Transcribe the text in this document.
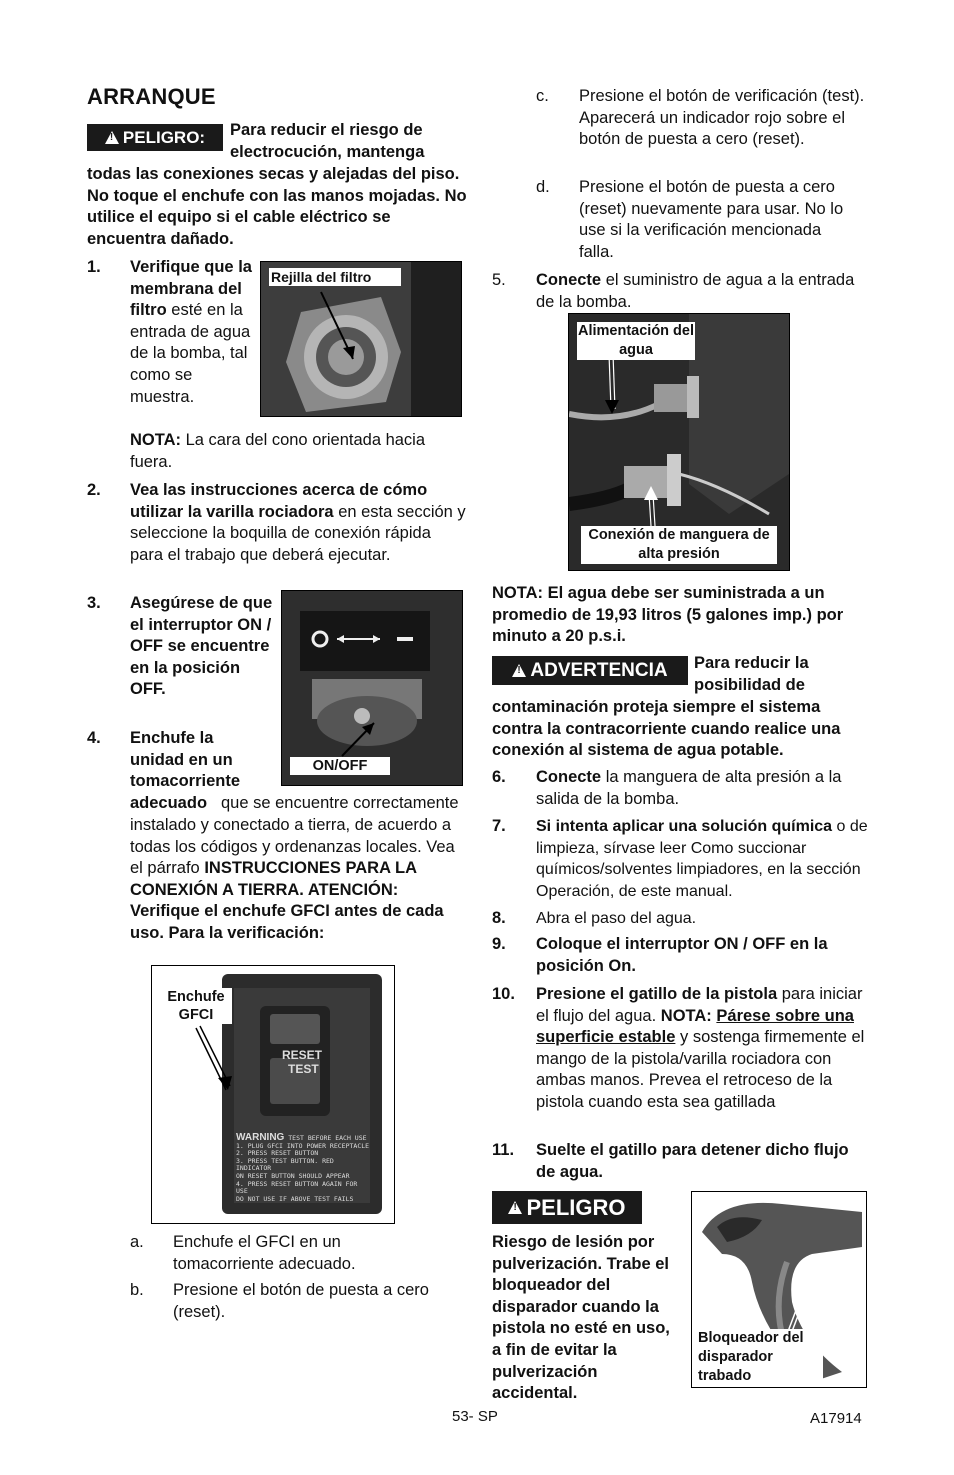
ARRANQUE
!
PELIGRO: Para reducir el riesgo de electrocución, mantenga
todas las conexiones secas y alejadas del piso. No toque el enchufe con las manos mojadas. No utilice el equipo si el cable eléctrico se encuentra dañado.
1. Verifique que la membrana del filtro esté en la entrada de agua de la bomba, tal como se muestra.
NOTA: La cara del cono orientada hacia fuera.
Rejilla del filtro
2. Vea las instrucciones acerca de cómo utilizar la varilla rociadora en esta sección y seleccione la boquilla de conexión rápida para el trabajo que deberá ejecutar.
3. Asegúrese de que el interruptor ON / OFF se encuentre en la posición OFF.
ON/OFF
4. Enchufe la unidad en un tomacorriente adecuado que se encuentre correctamente instalado y conectado a tierra, de acuerdo a todas los códigos y ordenanzas locales. Vea el párrafo INSTRUCCIONES PARA LA CONEXIÓN A TIERRA. ATENCIÓN: Verifique el enchufe GFCI antes de cada uso. Para la verificación:
RESET
TEST
WARNING TEST BEFORE EACH USE
1. PLUG GFCI INTO POWER RECEPTACLE
2. PRESS RESET BUTTON
3. PRESS TEST BUTTON. RED INDICATOR
ON RESET BUTTON SHOULD APPEAR
4. PRESS RESET BUTTON AGAIN FOR USE
DO NOT USE IF ABOVE TEST FAILS
Enchufe GFCI
a. Enchufe el GFCI en un tomacorriente adecuado.
b. Presione el botón de puesta a cero (reset).
c. Presione el botón de verificación (test). Aparecerá un indicador rojo sobre el botón de puesta a cero (reset).
d. Presione el botón de puesta a cero (reset) nuevamente para usar. No lo use si la verificación mencionada falla.
5. Conecte el suministro de agua a la entrada de la bomba.
Alimentación del agua
Conexión de manguera de alta presión
NOTA: El agua debe ser suministrada a un promedio de 19,93 litros (5 galones imp.) por minuto a 20 p.s.i.
!
ADVERTENCIA Para reducir la posibilidad de
contaminación proteja siempre el sistema contra la contracorriente cuando realice una conexión al sistema de agua potable.
6. Conecte la manguera de alta presión a la salida de la bomba.
7. Si intenta aplicar una solución química o de limpieza, sírvase leer Como succionar químicos/solventes limpiadores, en la sección Operación, de este manual.
8. Abra el paso del agua.
9. Coloque el interruptor ON / OFF en la posición On.
10. Presione el gatillo de la pistola para iniciar el flujo del agua. NOTA: Párese sobre una superficie estable y sostenga firmemente el mango de la pistola/varilla rociadora con ambas manos. Prevea el retroceso de la pistola cuando esta sea gatillada
11. Suelte el gatillo para detener dicho flujo de agua.
!
PELIGRO
Riesgo de lesión por pulverización. Trabe el bloqueador del disparador cuando la pistola no esté en uso, a fin de evitar la pulverización accidental.
Bloqueador del disparador trabado
53- SP	A17914
